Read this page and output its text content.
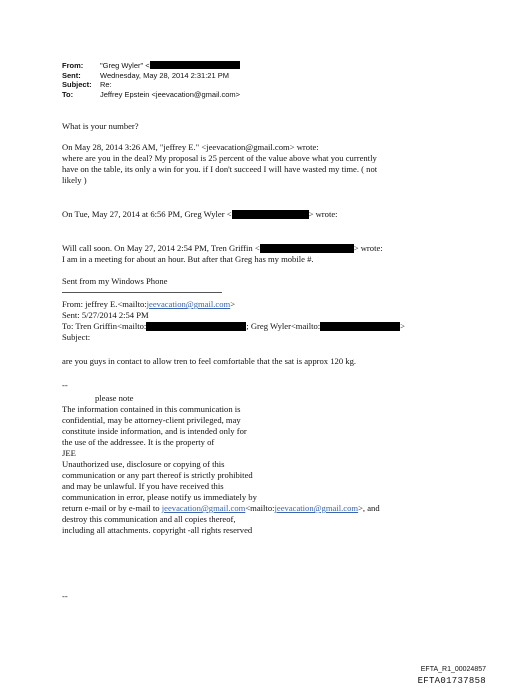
From:	"Greg Wyler" <
Sent:	Wednesday, May 28, 2014 2:31:21 PM
Subject:	Re:
To:	Jeffrey Epstein <jeevacation@gmail.com>
What is your number?
On May 28, 2014 3:26 AM, "jeffrey E." <jeevacation@gmail.com> wrote:
where are you in the deal? My proposal is 25 percent of the value above what you currently
have on the table, its only a win for you. if I don't succeed I will have wasted my time. ( not
likely )
On Tue, May 27, 2014 at 6:56 PM, Greg Wyler <	> wrote:
Will call soon. On May 27, 2014 2:54 PM, Tren Griffin <	> wrote:
I am in a meeting for about an hour. But after that Greg has my mobile #.
Sent from my Windows Phone
From: jeffrey E.<mailto:jeevacation@gmail.com>
Sent: 5/27/2014 2:54 PM
To: Tren Griffin<mailto:	; Greg Wyler<mailto:	>
Subject:
are you guys in contact to allow tren to feel comfortable that the sat is approx 120 kg.
--
please note
The information contained in this communication is
confidential, may be attorney-client privileged, may
constitute inside information, and is intended only for
the use of the addressee. It is the property of
JEE
Unauthorized use, disclosure or copying of this
communication or any part thereof is strictly prohibited
and may be unlawful. If you have received this
communication in error, please notify us immediately by
return e-mail or by e-mail to jeevacation@gmail.com<mailto:jeevacation@gmail.com>, and
destroy this communication and all copies thereof,
including all attachments. copyright -all rights reserved
--
EFTA_R1_00024857
EFTA01737858
